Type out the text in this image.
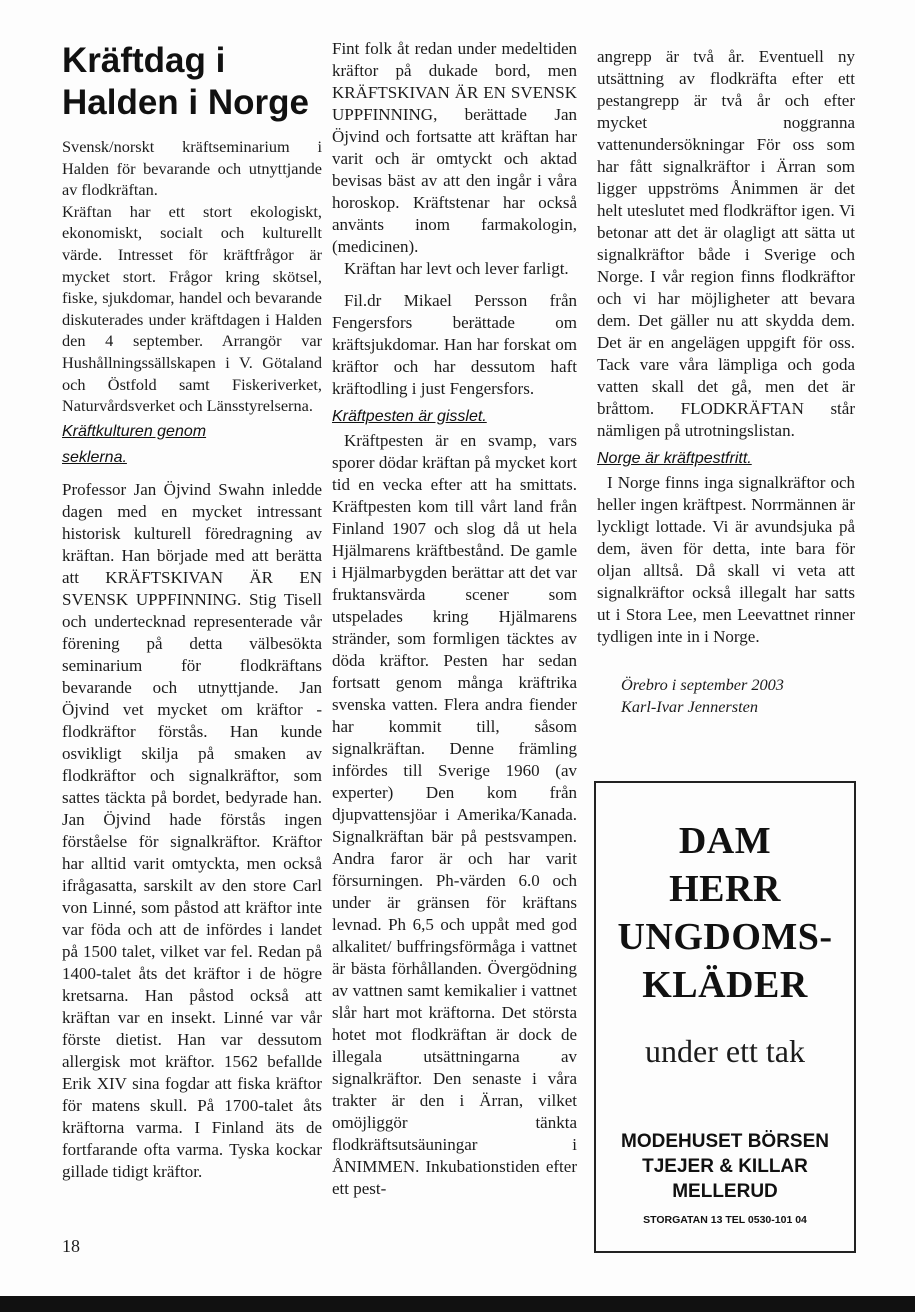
Kräftdag i
Halden i Norge

Svensk/norskt kräftseminarium i Halden för bevarande och utnyttjande av flodkräftan.

Kräftan har ett stort ekologiskt, ekonomiskt, socialt och kulturellt värde. Intresset för kräftfrågor är mycket stort. Frågor kring skötsel, fiske, sjukdomar, handel och bevarande diskuterades under kräftdagen i Halden den 4 september. Arrangör var Hushållningssällskapen i V. Götaland och Östfold samt Fiskeriverket, Naturvårdsverket och Länsstyrelserna.

Kräftkulturen genom seklerna.

Professor Jan Öjvind Swahn inledde dagen med en mycket intressant historisk kulturell föredragning av kräftan. Han började med att berätta att KRÄFTSKIVAN ÄR EN SVENSK UPPFINNING. Stig Tisell och undertecknad representerade vår förening på detta välbesökta seminarium för flodkräftans bevarande och utnyttjande. Jan Öjvind vet mycket om kräftor - flodkräftor förstås. Han kunde osvikligt skilja på smaken av flodkräftor och signalkräftor, som sattes täckta på bordet, bedyrade han. Jan Öjvind hade förstås ingen förståelse för signalkräftor. Kräftor har alltid varit omtyckta, men också ifrågasatta, sarskilt av den store Carl von Linné, som påstod att kräftor inte var föda och att de infördes i landet på 1500 talet, vilket var fel. Redan på 1400-talet åts det kräftor i de högre kretsarna. Han påstod också att kräftan var en insekt. Linné var vår förste dietist. Han var dessutom allergisk mot kräftor. 1562 befallde Erik XIV sina fogdar att fiska kräftor för matens skull. På 1700-talet åts kräftorna varma. I Finland äts de fortfarande ofta varma. Tyska kockar gillade tidigt kräftor.

Fint folk åt redan under medeltiden kräftor på dukade bord, men KRÄFTSKIVAN ÄR EN SVENSK UPPFINNING, berättade Jan Öjvind och fortsatte att kräftan har varit och är omtyckt och aktad bevisas bäst av att den ingår i våra horoskop. Kräftstenar har också använts inom farmakologin, (medicinen).

Kräftan har levt och lever farligt.

Fil.dr Mikael Persson från Fengersfors berättade om kräftsjukdomar. Han har forskat om kräftor och har dessutom haft kräftodling i just Fengersfors.

Kräftpesten är gisslet.

Kräftpesten är en svamp, vars sporer dödar kräftan på mycket kort tid en vecka efter att ha smittats. Kräftpesten kom till vårt land från Finland 1907 och slog då ut hela Hjälmarens kräftbestånd. De gamle i Hjälmarbygden berättar att det var fruktansvärda scener som utspelades kring Hjälmarens stränder, som formligen täcktes av döda kräftor. Pesten har sedan fortsatt genom många kräftrika svenska vatten. Flera andra fiender har kommit till, såsom signalkräftan. Denne främling infördes till Sverige 1960 (av experter) Den kom från djupvattensjöar i Amerika/Kanada. Signalkräftan bär på pestsvampen. Andra faror är och har varit försurningen. Ph-värden 6.0 och under är gränsen för kräftans levnad. Ph 6,5 och uppåt med god alkalitet/ buffringsförmåga i vattnet är bästa förhållanden. Övergödning av vattnen samt kemikalier i vattnet slår hart mot kräftorna. Det största hotet mot flodkräftan är dock de illegala utsättningarna av signalkräftor. Den senaste i våra trakter är den i Ärran, vilket omöjliggör tänkta flodkräftsutsäuningar i ÅNIMMEN. Inkubationstiden efter ett pest-

angrepp är två år. Eventuell ny utsättning av flodkräfta efter ett pestangrepp är två år och efter mycket noggranna vattenundersökningar För oss som har fått signalkräftor i Ärran som ligger uppströms Ånimmen är det helt uteslutet med flodkräftor igen. Vi betonar att det är olagligt att sätta ut signalkräftor både i Sverige och Norge. I vår region finns flodkräftor och vi har möjligheter att bevara dem. Det gäller nu att skydda dem. Det är en angelägen uppgift för oss. Tack vare våra lämpliga och goda vatten skall det gå, men det är bråttom. FLODKRÄFTAN står nämligen på utrotningslistan.

Norge är kräftpestfritt.

I Norge finns inga signalkräftor och heller ingen kräftpest. Norrmännen är lyckligt lottade. Vi är avundsjuka på dem, även för detta, inte bara för oljan alltså. Då skall vi veta att signalkräftor också illegalt har satts ut i Stora Lee, men Leevattnet rinner tydligen inte in i Norge.

Örebro i september 2003
Karl-Ivar Jennersten
DAM
HERR
UNGDOMS-
KLÄDER
under ett tak
MODEHUSET BÖRSEN
TJEJER & KILLAR
MELLERUD
STORGATAN 13 TEL 0530-101 04
18
